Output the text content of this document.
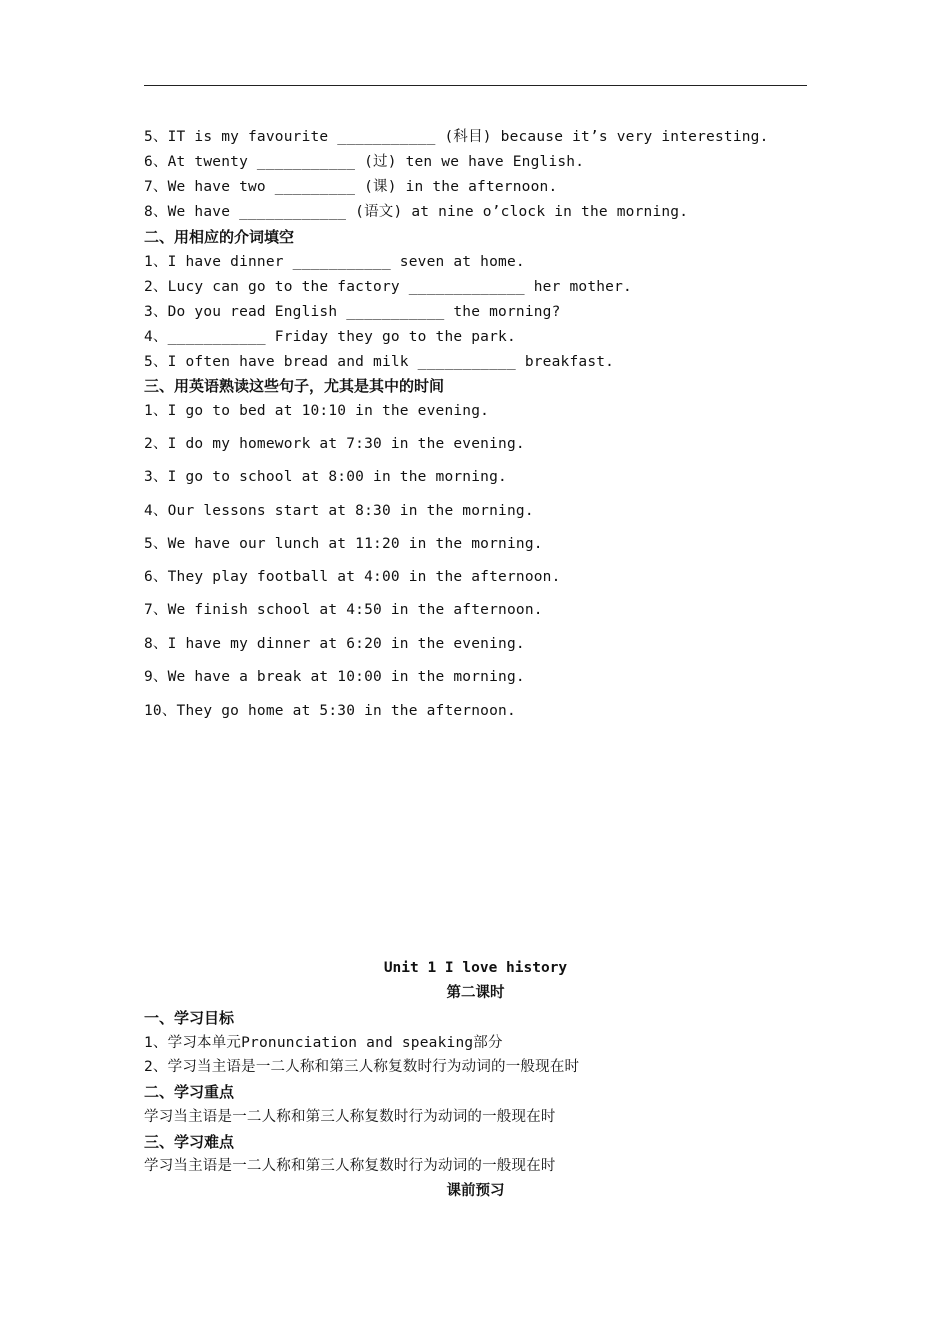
5、IT is my favourite ___________ (科目) because it’s very interesting.
6、At twenty ___________ (过) ten we have English.
7、We have two _________ (课) in the afternoon.
8、We have ____________ (语文) at nine o’clock in the morning.
二、用相应的介词填空
1、I have dinner ___________ seven at home.
2、Lucy can go to the factory _____________ her mother.
3、Do you read English ___________ the morning?
4、___________ Friday they go to the park.
5、I often have bread and milk ___________ breakfast.
三、用英语熟读这些句子，尤其是其中的时间
1、I go to bed at 10:10 in the evening.
2、I do my homework at 7:30 in the evening.
3、I go to school at 8:00 in the morning.
4、Our lessons start at 8:30 in the morning.
5、We have our lunch at 11:20 in the morning.
6、They play football at 4:00 in the afternoon.
7、We finish school at 4:50 in the afternoon.
8、I have my dinner at 6:20 in the evening.
9、We have a break at 10:00 in the morning.
10、They go home at 5:30 in the afternoon.
Unit 1 I love history
第二课时
一、学习目标
1、学习本单元Pronunciation and speaking部分
2、学习当主语是一二人称和第三人称复数时行为动词的一般现在时
二、学习重点
学习当主语是一二人称和第三人称复数时行为动词的一般现在时
三、学习难点
学习当主语是一二人称和第三人称复数时行为动词的一般现在时
课前预习
